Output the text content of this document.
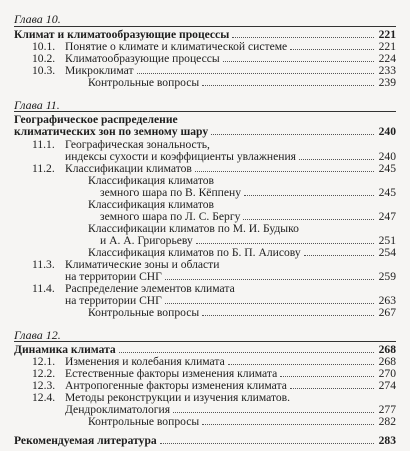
Глава 10.
Климат и климатообразующие процессы	221
10.1. Понятие о климате и климатической системе	221
10.2. Климатообразующие процессы	224
10.3. Микроклимат	233
Контрольные вопросы	239
Глава 11.
Географическое распределение
климатических зон по земному шару	240
11.1. Географическая зональность,
индексы сухости и коэффициенты увлажнения	240
11.2. Классификации климатов	245
Классификация климатов
земного шара по В. Кёппену	245
Классификация климатов
земного шара по Л. С. Бергу	247
Классификации климатов по М. И. Будыко
и А. А. Григорьеву	251
Классификация климатов по Б. П. Алисову	254
11.3. Климатические зоны и области
на территории СНГ	259
11.4. Распределение элементов климата
на территории СНГ	263
Контрольные вопросы	267
Глава 12.
Динамика климата	268
12.1. Изменения и колебания климата	268
12.2. Естественные факторы изменения климата	270
12.3. Антропогенные факторы изменения климата	274
12.4. Методы реконструкции и изучения климатов.
Дендроклиматология	277
Контрольные вопросы	282
Рекомендуемая литература	283
